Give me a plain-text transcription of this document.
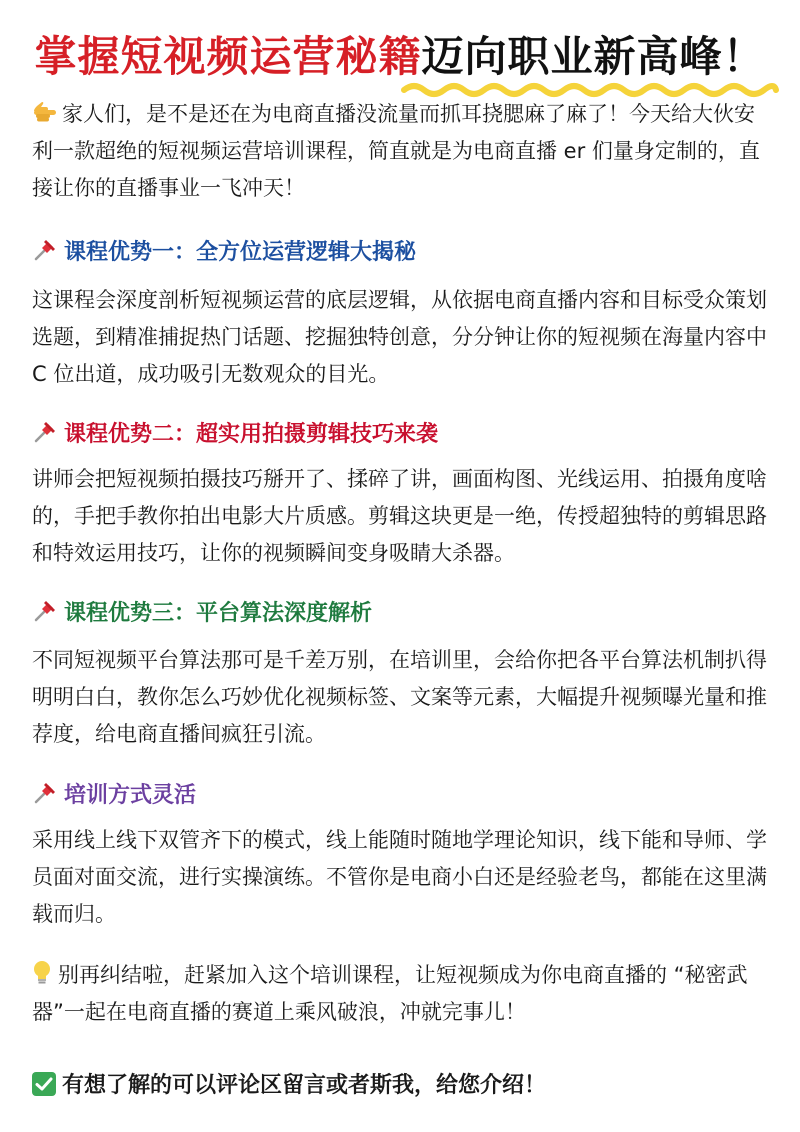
掌握短视频运营秘籍迈向职业新高峰！
家人们，是不是还在为电商直播没流量而抓耳挠腮麻了麻了！今天给大伙安利一款超绝的短视频运营培训课程，简直就是为电商直播 er 们量身定制的，直接让你的直播事业一飞冲天！
课程优势一：全方位运营逻辑大揭秘
这课程会深度剖析短视频运营的底层逻辑，从依据电商直播内容和目标受众策划选题，到精准捕捉热门话题、挖掘独特创意，分分钟让你的短视频在海量内容中 C 位出道，成功吸引无数观众的目光。
课程优势二：超实用拍摄剪辑技巧来袭
讲师会把短视频拍摄技巧掰开了、揉碎了讲，画面构图、光线运用、拍摄角度啥的，手把手教你拍出电影大片质感。剪辑这块更是一绝，传授超独特的剪辑思路和特效运用技巧，让你的视频瞬间变身吸睛大杀器。
课程优势三：平台算法深度解析
不同短视频平台算法那可是千差万别，在培训里，会给你把各平台算法机制扒得明明白白，教你怎么巧妙优化视频标签、文案等元素，大幅提升视频曝光量和推荐度，给电商直播间疯狂引流。
培训方式灵活
采用线上线下双管齐下的模式，线上能随时随地学理论知识，线下能和导师、学员面对面交流，进行实操演练。不管你是电商小白还是经验老鸟，都能在这里满载而归。
别再纠结啦，赶紧加入这个培训课程，让短视频成为你电商直播的 “秘密武器”一起在电商直播的赛道上乘风破浪，冲就完事儿！
有想了解的可以评论区留言或者斯我，给您介绍！
